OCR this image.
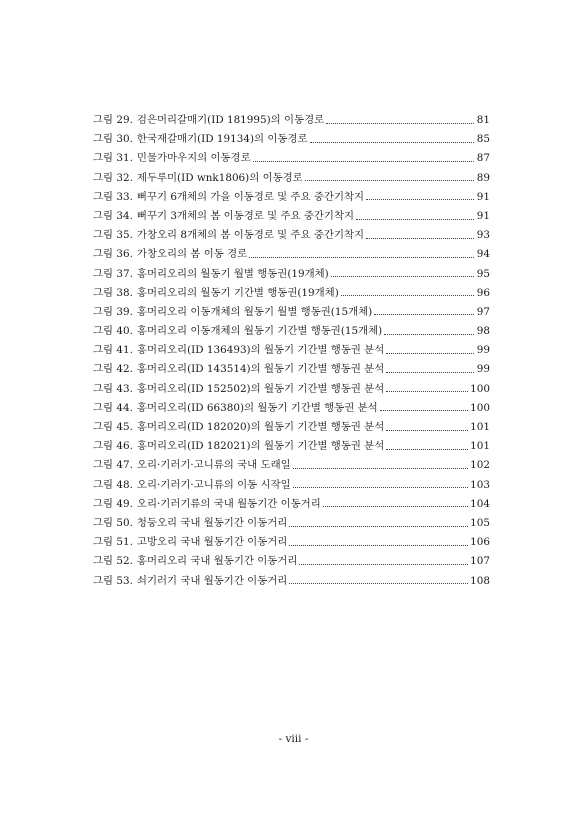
그림 29. 검은머리갈매기(ID 181995)의 이동경로	81
그림 30. 한국재갈매기(ID 19134)의 이동경로	85
그림 31. 민물가마우지의 이동경로	87
그림 32. 제두루미(ID wnk1806)의 이동경로	89
그림 33. 뻐꾸기 6개체의 가을 이동경로 및 주요 중간기착지	91
그림 34. 뻐꾸기 3개체의 봄 이동경로 및 주요 중간기착지	91
그림 35. 가창오리 8개체의 봄 이동경로 및 주요 중간기착지	93
그림 36. 가창오리의 봄 이동 경로	94
그림 37. 홍머리오리의 월동기 월별 행동권(19개체)	95
그림 38. 홍머리오리의 월동기 기간별 행동권(19개체)	96
그림 39. 홍머리오리 이동개체의 월동기 월별 행동권(15개체)	97
그림 40. 홍머리오리 이동개체의 월동기 기간별 행동권(15개체)	98
그림 41. 홍머리오리(ID 136493)의 월동기 기간별 행동권 분석	99
그림 42. 홍머리오리(ID 143514)의 월동기 기간별 행동권 분석	99
그림 43. 홍머리오리(ID 152502)의 월동기 기간별 행동권 분석	100
그림 44. 홍머리오리(ID 66380)의 월동기 기간별 행동권 분석	100
그림 45. 홍머리오리(ID 182020)의 월동기 기간별 행동권 분석	101
그림 46. 홍머리오리(ID 182021)의 월동기 기간별 행동권 분석	101
그림 47. 오리·기러기·고니류의 국내 도래일	102
그림 48. 오리·기러기·고니류의 이동 시작일	103
그림 49. 오리·기러기류의 국내 월동기간 이동거리	104
그림 50. 청둥오리 국내 월동기간 이동거리	105
그림 51. 고방오리 국내 월동기간 이동거리	106
그림 52. 홍머리오리 국내 월동기간 이동거리	107
그림 53. 쇠기러기 국내 월동기간 이동거리	108
- viii -
